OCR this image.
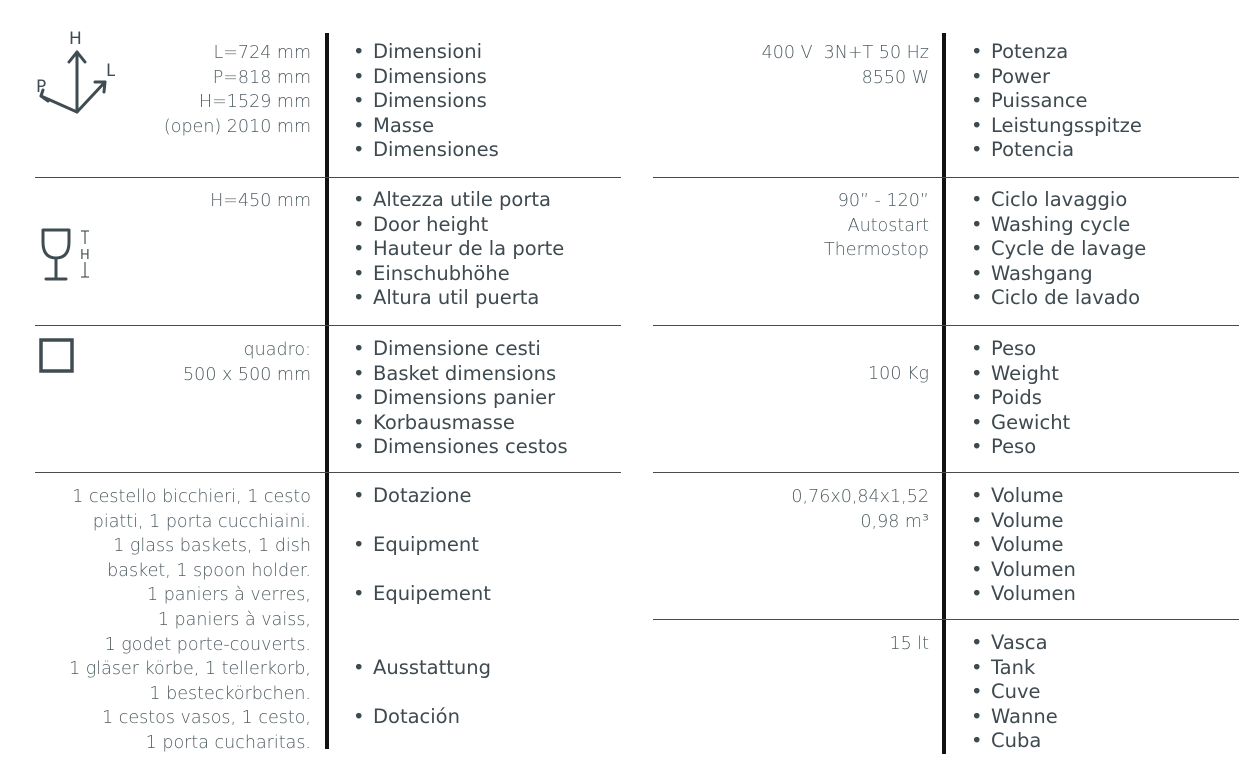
H
L
P
L=724 mm
P=818 mm
H=1529 mm
(open) 2010 mm
• Dimensioni
• Dimensions
• Dimensions
• Masse
• Dimensiones
H
H=450 mm	• Altezza utile porta
• Door height
• Hauteur de la porte
• Einschubhöhe
• Altura util puerta
quadro:
500 x 500 mm
• Dimensione cesti
• Basket dimensions
• Dimensions panier
• Korbausmasse
• Dimensiones cestos
1 cestello bicchieri, 1 cesto
piatti, 1 porta cucchiaini.
1 glass baskets, 1 dish
basket, 1 spoon holder.
1 paniers à verres,
1 paniers à vaiss,
1 godet porte-couverts.
1 gläser körbe, 1 tellerkorb,
1 besteckörbchen.
1 cestos vasos, 1 cesto,
1 porta cucharitas.
• Dotazione
• Equipment
• Equipement
• Ausstattung
• Dotación
400 V  3N+T 50 Hz
8550 W
• Potenza
• Power
• Puissance
• Leistungsspitze
• Potencia
90” - 120”
Autostart
Thermostop
• Ciclo lavaggio
• Washing cycle
• Cycle de lavage
• Washgang
• Ciclo de lavado
100 Kg
• Peso
• Weight
• Poids
• Gewicht
• Peso
0,76x0,84x1,52
0,98 m³
• Volume
• Volume
• Volume
• Volumen
• Volumen
15 lt	• Vasca
• Tank
• Cuve
• Wanne
• Cuba
